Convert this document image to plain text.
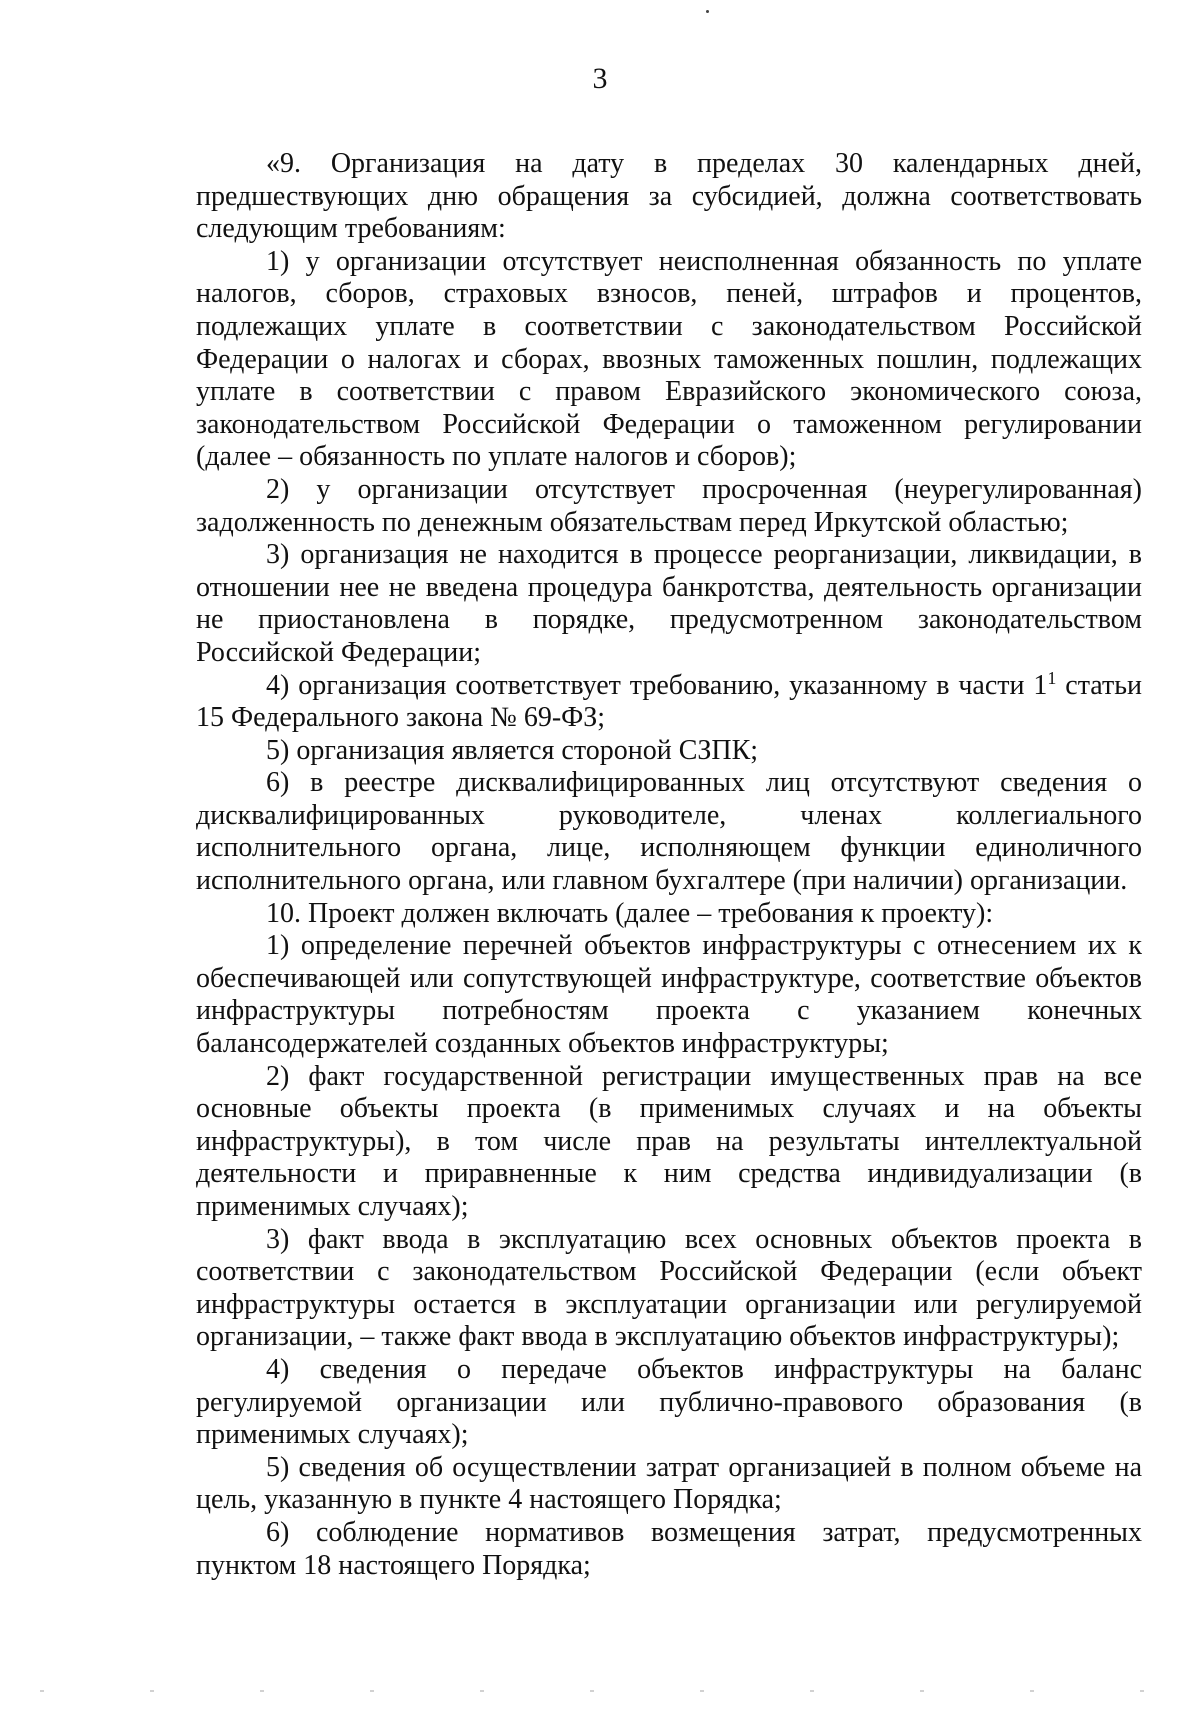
3

«9. Организация на дату в пределах 30 календарных дней, предшествующих дню обращения за субсидией, должна соответствовать следующим требованиям:

1) у организации отсутствует неисполненная обязанность по уплате налогов, сборов, страховых взносов, пеней, штрафов и процентов, подлежащих уплате в соответствии с законодательством Российской Федерации о налогах и сборах, ввозных таможенных пошлин, подлежащих уплате в соответствии с правом Евразийского экономического союза, законодательством Российской Федерации о таможенном регулировании (далее – обязанность по уплате налогов и сборов);

2) у организации отсутствует просроченная (неурегулированная) задолженность по денежным обязательствам перед Иркутской областью;

3) организация не находится в процессе реорганизации, ликвидации, в отношении нее не введена процедура банкротства, деятельность организации не приостановлена в порядке, предусмотренном законодательством Российской Федерации;

4) организация соответствует требованию, указанному в части $1^1$ статьи 15 Федерального закона № 69-ФЗ;

5) организация является стороной СЗПК;

6) в реестре дисквалифицированных лиц отсутствуют сведения о дисквалифицированных руководителе, членах коллегиального исполнительного органа, лице, исполняющем функции единоличного исполнительного органа, или главном бухгалтере (при наличии) организации.

10. Проект должен включать (далее – требования к проекту):

1) определение перечней объектов инфраструктуры с отнесением их к обеспечивающей или сопутствующей инфраструктуре, соответствие объектов инфраструктуры потребностям проекта с указанием конечных балансодержателей созданных объектов инфраструктуры;

2) факт государственной регистрации имущественных прав на все основные объекты проекта (в применимых случаях и на объекты инфраструктуры), в том числе прав на результаты интеллектуальной деятельности и приравненные к ним средства индивидуализации (в применимых случаях);

3) факт ввода в эксплуатацию всех основных объектов проекта в соответствии с законодательством Российской Федерации (если объект инфраструктуры остается в эксплуатации организации или регулируемой организации, – также факт ввода в эксплуатацию объектов инфраструктуры);

4) сведения о передаче объектов инфраструктуры на баланс регулируемой организации или публично-правового образования (в применимых случаях);

5) сведения об осуществлении затрат организацией в полном объеме на цель, указанную в пункте 4 настоящего Порядка;

6) соблюдение нормативов возмещения затрат, предусмотренных пунктом 18 настоящего Порядка;
